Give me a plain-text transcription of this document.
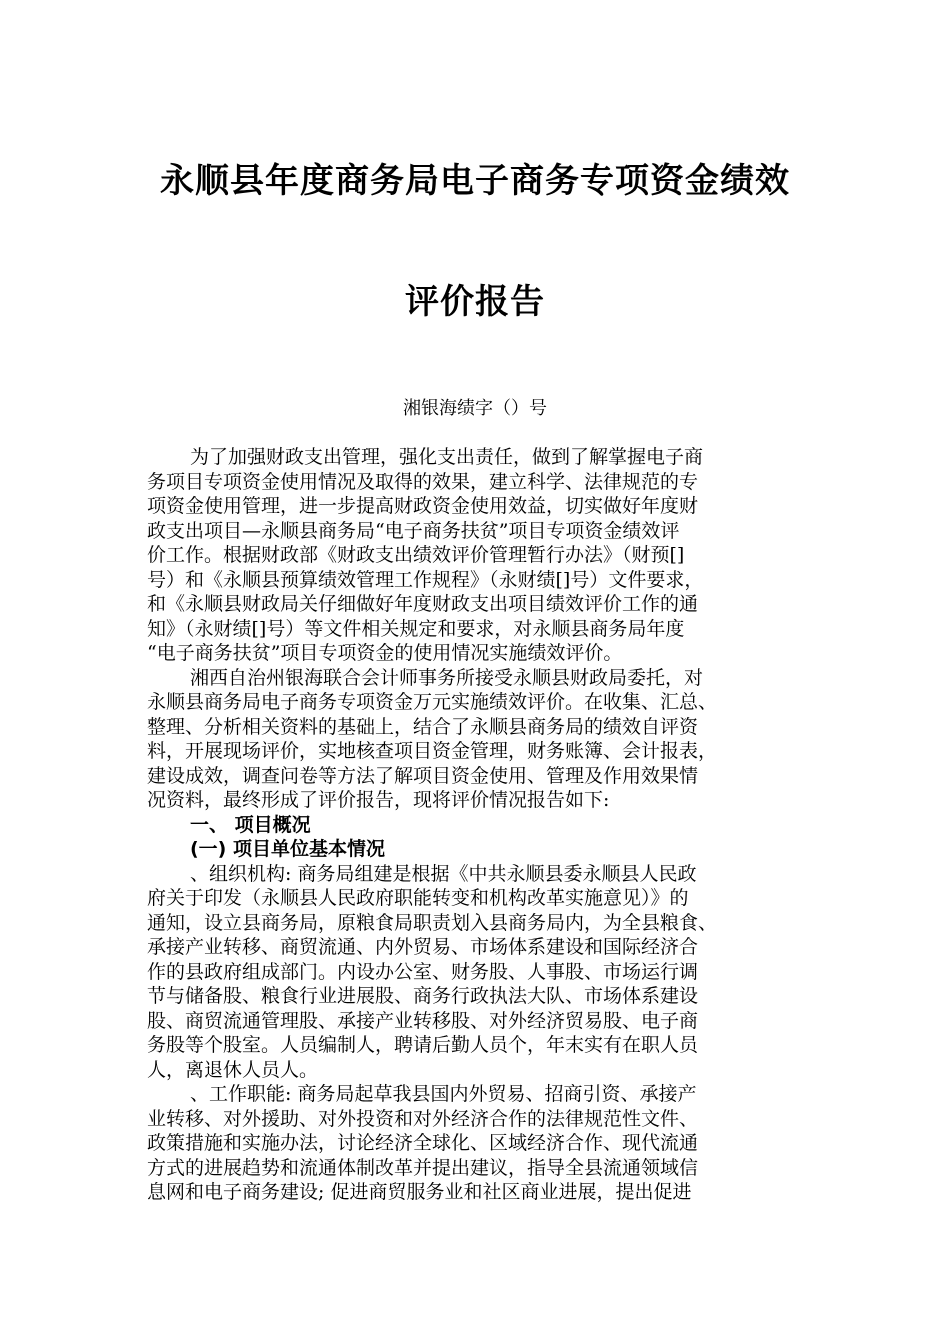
永顺县年度商务局电子商务专项资金绩效
评价报告
湘银海绩字（）号
为了加强财政支出管理，强化支出责任，做到了解掌握电子商
务项目专项资金使用情况及取得的效果，建立科学、法律规范的专
项资金使用管理，进一步提高财政资金使用效益，切实做好年度财
政支出项目—永顺县商务局“电子商务扶贫”项目专项资金绩效评
价工作。根据财政部《财政支出绩效评价管理暂行办法》（财预[]
号）和《永顺县预算绩效管理工作规程》（永财绩[]号）文件要求，
和《永顺县财政局关仔细做好年度财政支出项目绩效评价工作的通
知》（永财绩[]号）等文件相关规定和要求，对永顺县商务局年度
“电子商务扶贫”项目专项资金的使用情况实施绩效评价。
湘西自治州银海联合会计师事务所接受永顺县财政局委托，对
永顺县商务局电子商务专项资金万元实施绩效评价。在收集、汇总、
整理、分析相关资料的基础上，结合了永顺县商务局的绩效自评资
料，开展现场评价，实地核查项目资金管理，财务账簿、会计报表，
建设成效，调查问卷等方法了解项目资金使用、管理及作用效果情
况资料，最终形成了评价报告，现将评价情况报告如下:
一、 项目概况
(一) 项目单位基本情况
、组织机构: 商务局组建是根据《中共永顺县委永顺县人民政
府关于印发（永顺县人民政府职能转变和机构改革实施意见）》的
通知，设立县商务局，原粮食局职责划入县商务局内，为全县粮食、
承接产业转移、商贸流通、内外贸易、市场体系建设和国际经济合
作的县政府组成部门。内设办公室、财务股、人事股、市场运行调
节与储备股、粮食行业进展股、商务行政执法大队、市场体系建设
股、商贸流通管理股、承接产业转移股、对外经济贸易股、电子商
务股等个股室。人员编制人，聘请后勤人员个，年末实有在职人员
人，离退休人员人。
、工作职能: 商务局起草我县国内外贸易、招商引资、承接产
业转移、对外援助、对外投资和对外经济合作的法律规范性文件、
政策措施和实施办法，讨论经济全球化、区域经济合作、现代流通
方式的进展趋势和流通体制改革并提出建议，指导全县流通领域信
息网和电子商务建设; 促进商贸服务业和社区商业进展，提出促进
